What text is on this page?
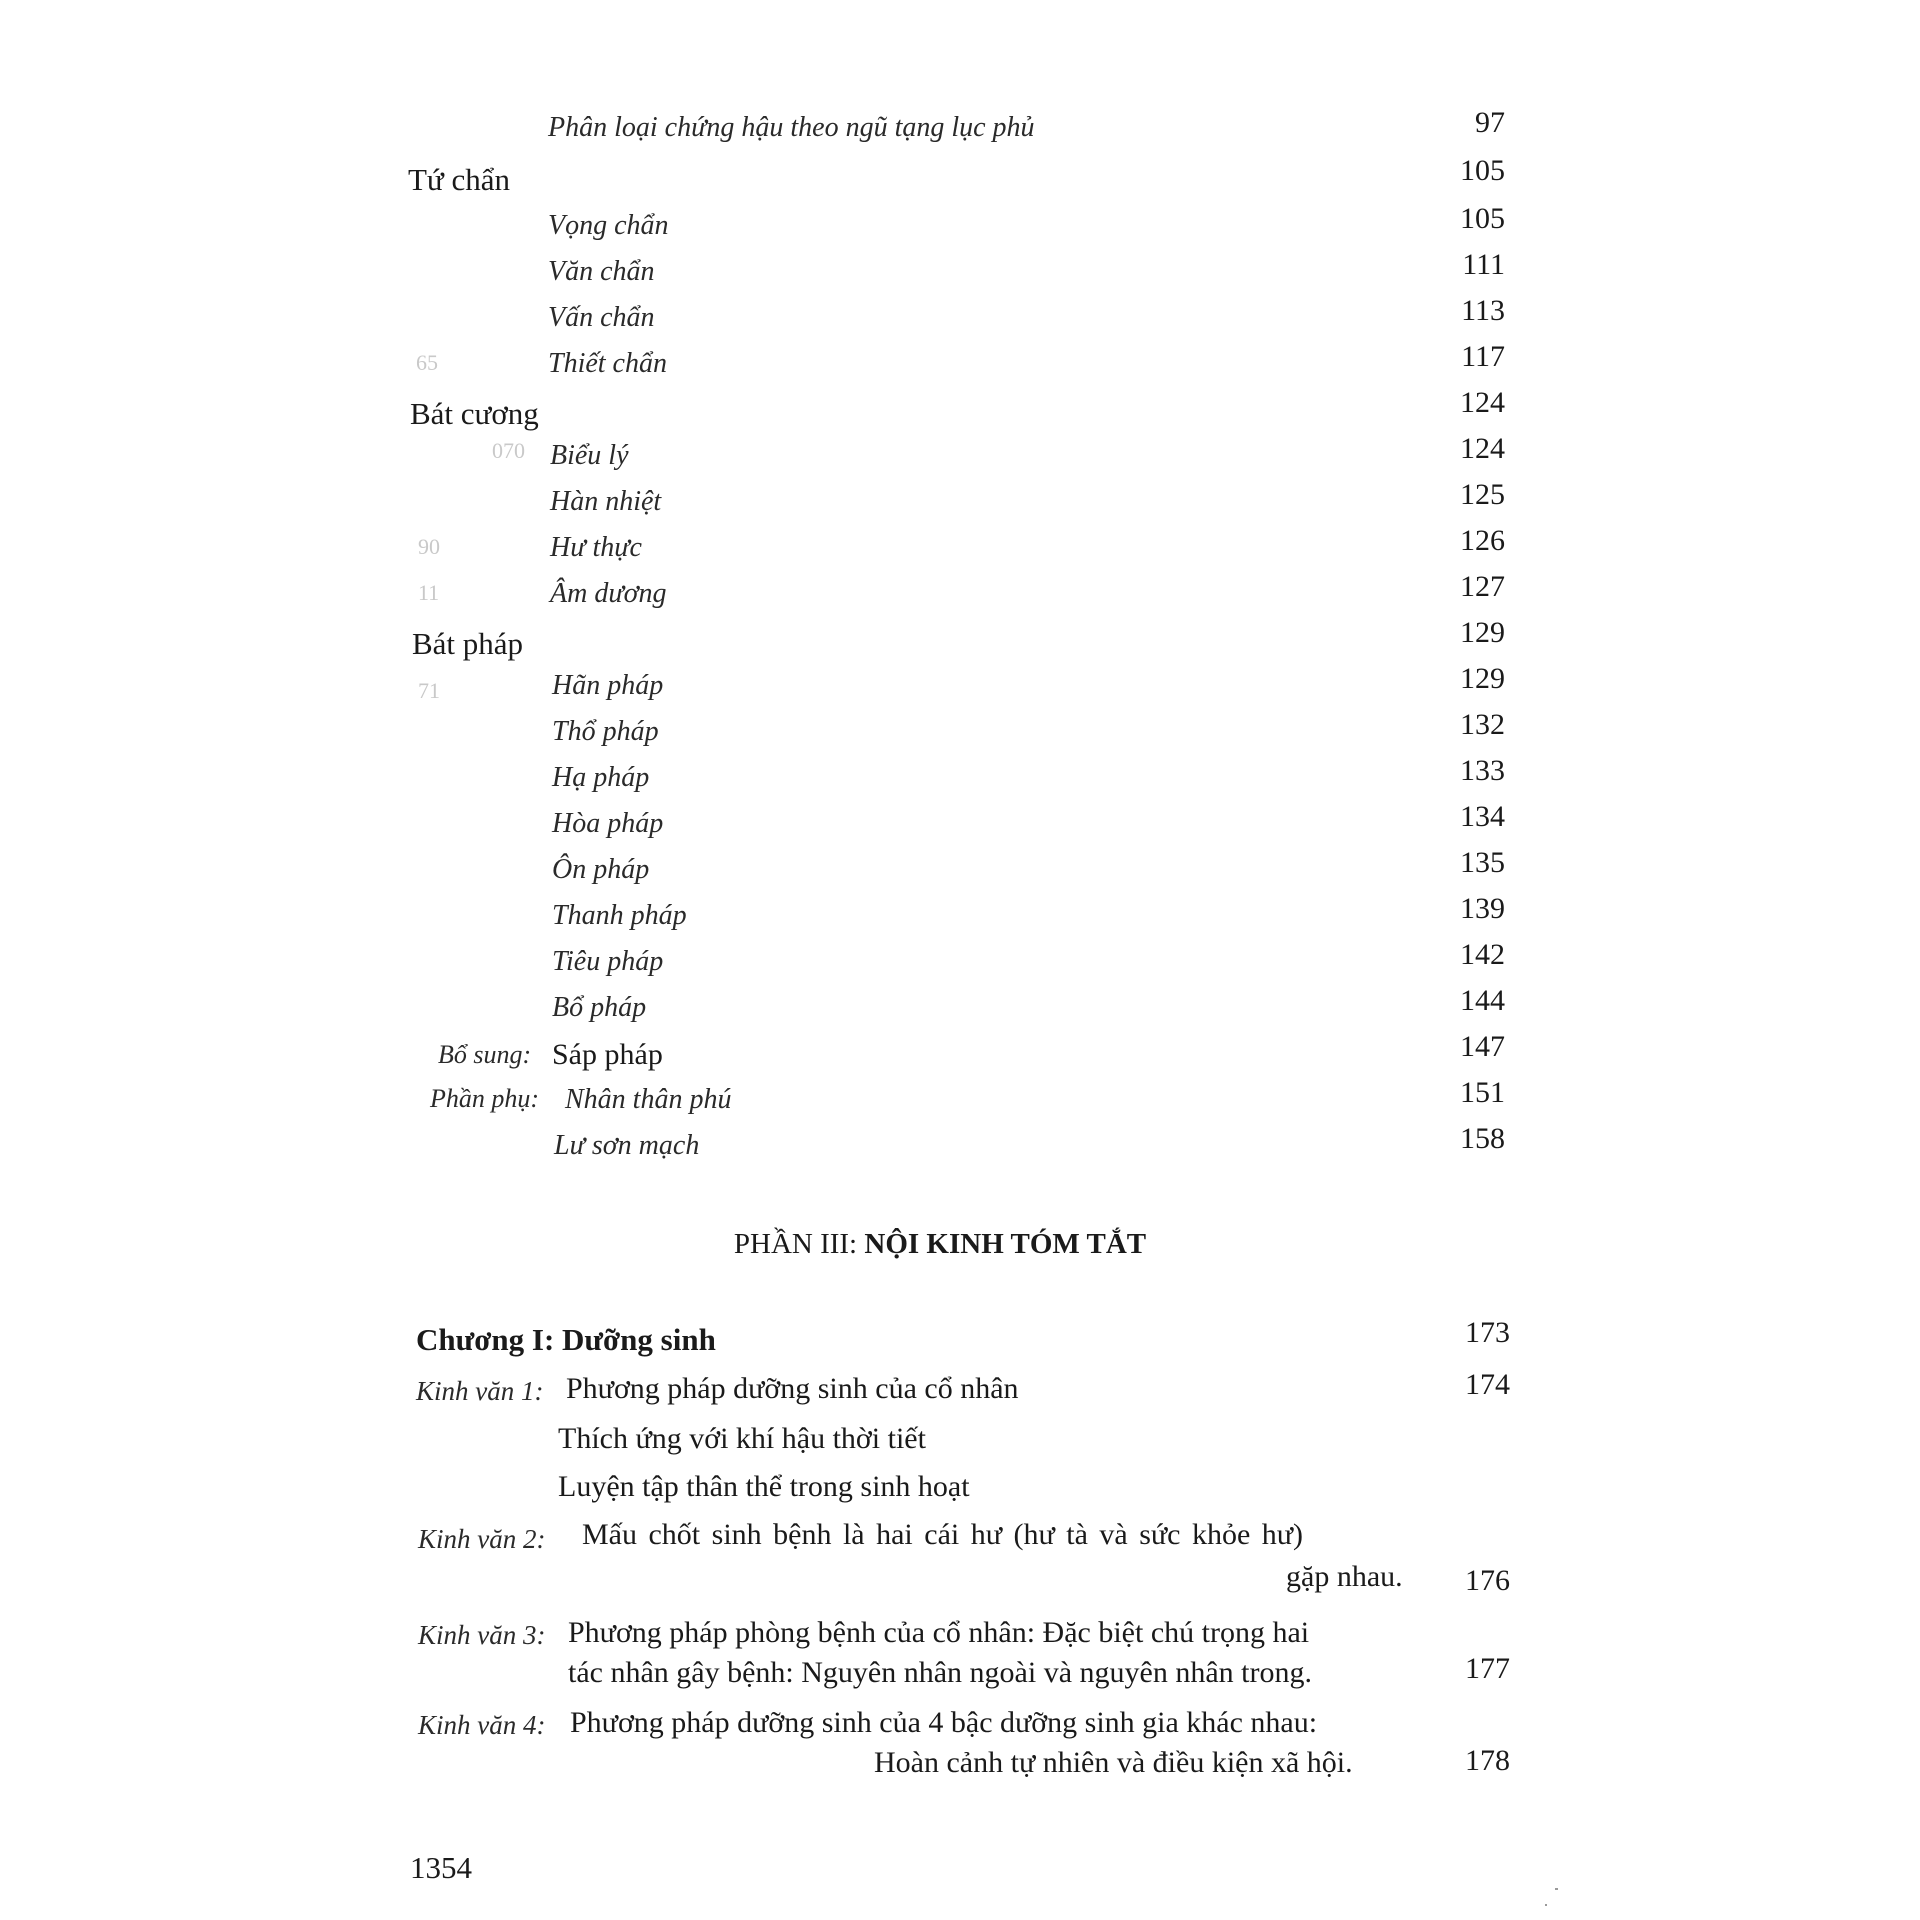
Phân loại chứng hậu theo ngũ tạng lục phủ	97
Tứ chẩn	105
Vọng chẩn	105
Văn chẩn	111
Vấn chẩn	113
65	Thiết chẩn	117
Bát cương	124
070 Biểu lý	124
Hàn nhiệt	125
90	Hư thực	126
11	Âm dương	127
Bát pháp	129
71	Hãn pháp	129
Thổ pháp	132
Hạ pháp	133
Hòa pháp	134
Ôn pháp	135
Thanh pháp	139
Tiêu pháp	142
Bổ pháp	144
Bổ sung: Sáp pháp	147
Phần phụ: Nhân thân phú	151
Lư sơn mạch	158
PHẦN III: NỘI KINH TÓM TẮT
Chương I: Dưỡng sinh	173
Kinh văn 1: Phương pháp dưỡng sinh của cổ nhân	174
Thích ứng với khí hậu thời tiết
Luyện tập thân thể trong sinh hoạt
Kinh văn 2: Mấu chốt sinh bệnh là hai cái hư (hư tà và sức khỏe hư)
gặp nhau.	176
Kinh văn 3: Phương pháp phòng bệnh của cổ nhân: Đặc biệt chú trọng hai
tác nhân gây bệnh: Nguyên nhân ngoài và nguyên nhân trong.	177
Kinh văn 4: Phương pháp dưỡng sinh của 4 bậc dưỡng sinh gia khác nhau:
Hoàn cảnh tự nhiên và điều kiện xã hội.	178
1354
